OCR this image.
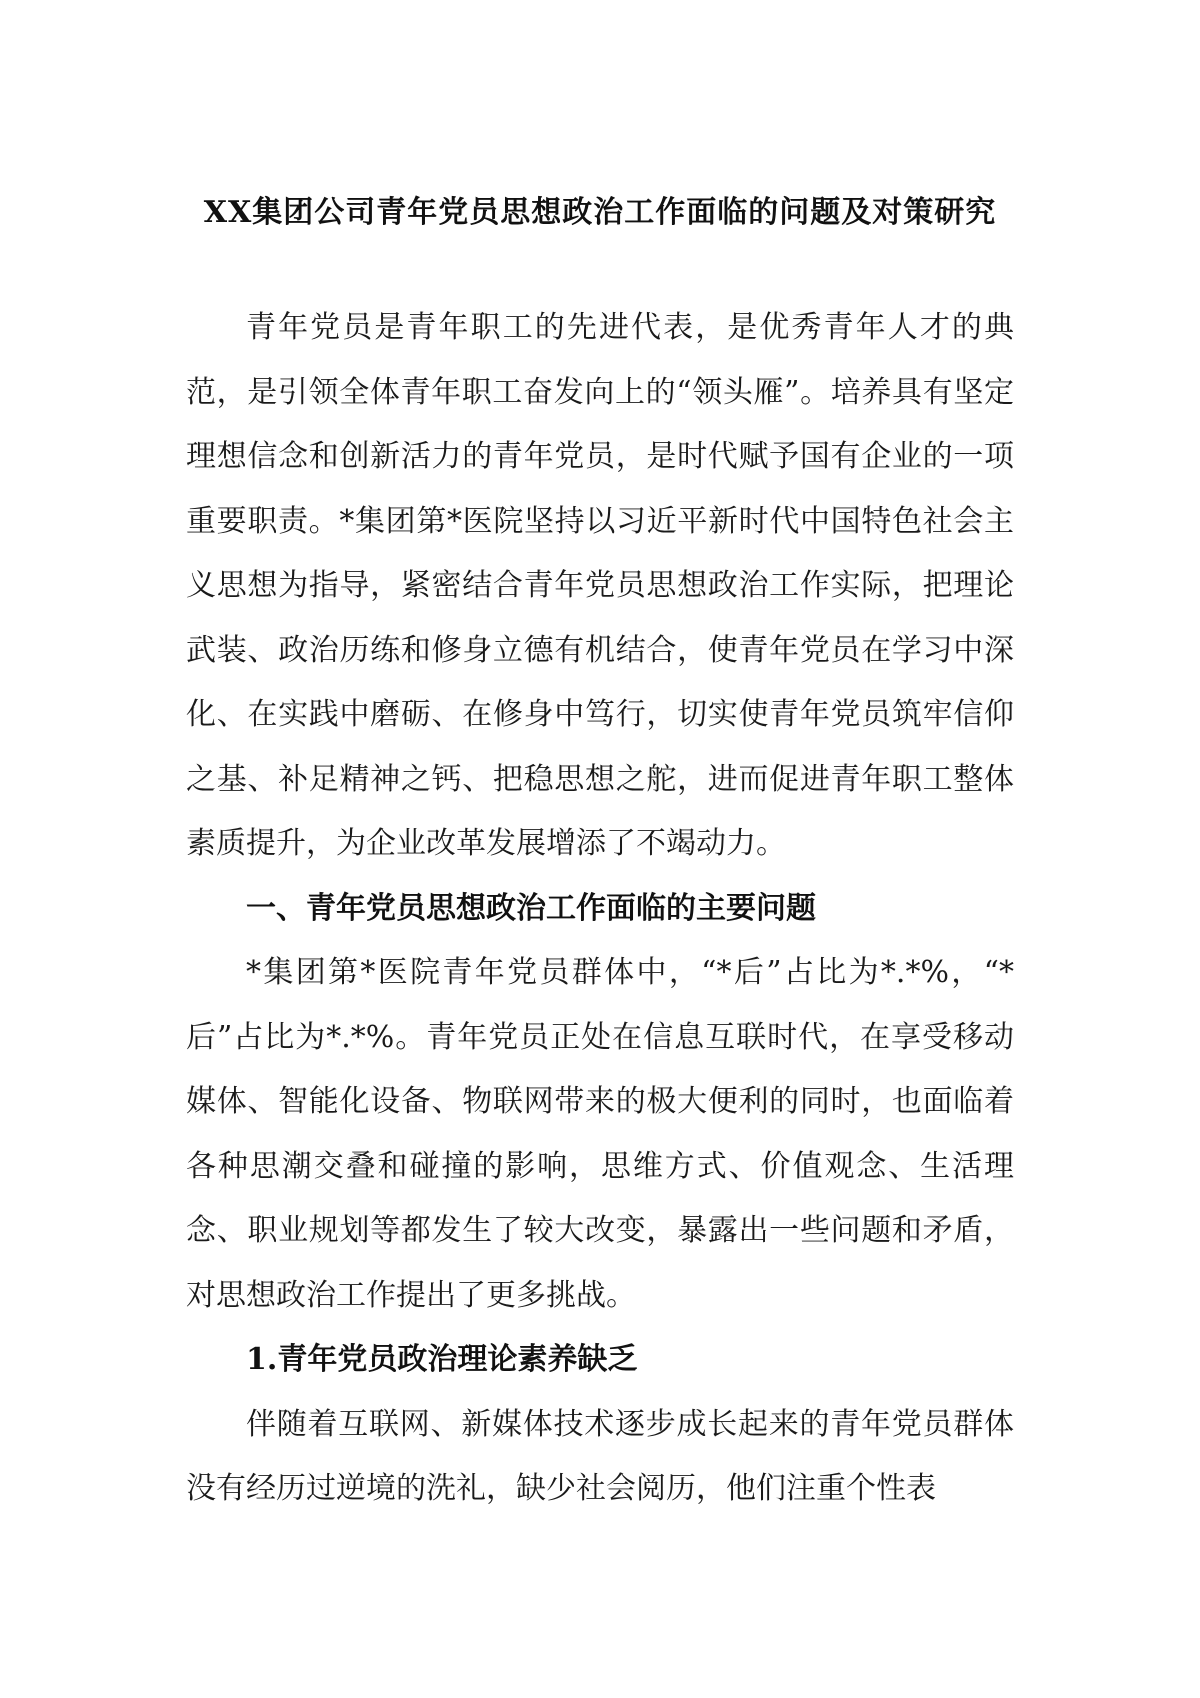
XX集团公司青年党员思想政治工作面临的问题及对策研究

青年党员是青年职工的先进代表，是优秀青年人才的典范，是引领全体青年职工奋发向上的“领头雁”。培养具有坚定理想信念和创新活力的青年党员，是时代赋予国有企业的一项重要职责。*集团第*医院坚持以习近平新时代中国特色社会主义思想为指导，紧密结合青年党员思想政治工作实际，把理论武装、政治历练和修身立德有机结合，使青年党员在学习中深化、在实践中磨砺、在修身中笃行，切实使青年党员筑牢信仰之基、补足精神之钙、把稳思想之舵，进而促进青年职工整体素质提升，为企业改革发展增添了不竭动力。

一、青年党员思想政治工作面临的主要问题

*集团第*医院青年党员群体中，“*后”占比为*.*%，“*后”占比为*.*%。青年党员正处在信息互联时代，在享受移动媒体、智能化设备、物联网带来的极大便利的同时，也面临着各种思潮交叠和碰撞的影响，思维方式、价值观念、生活理念、职业规划等都发生了较大改变，暴露出一些问题和矛盾，对思想政治工作提出了更多挑战。

1.青年党员政治理论素养缺乏

伴随着互联网、新媒体技术逐步成长起来的青年党员群体没有经历过逆境的洗礼，缺少社会阅历，他们注重个性表
